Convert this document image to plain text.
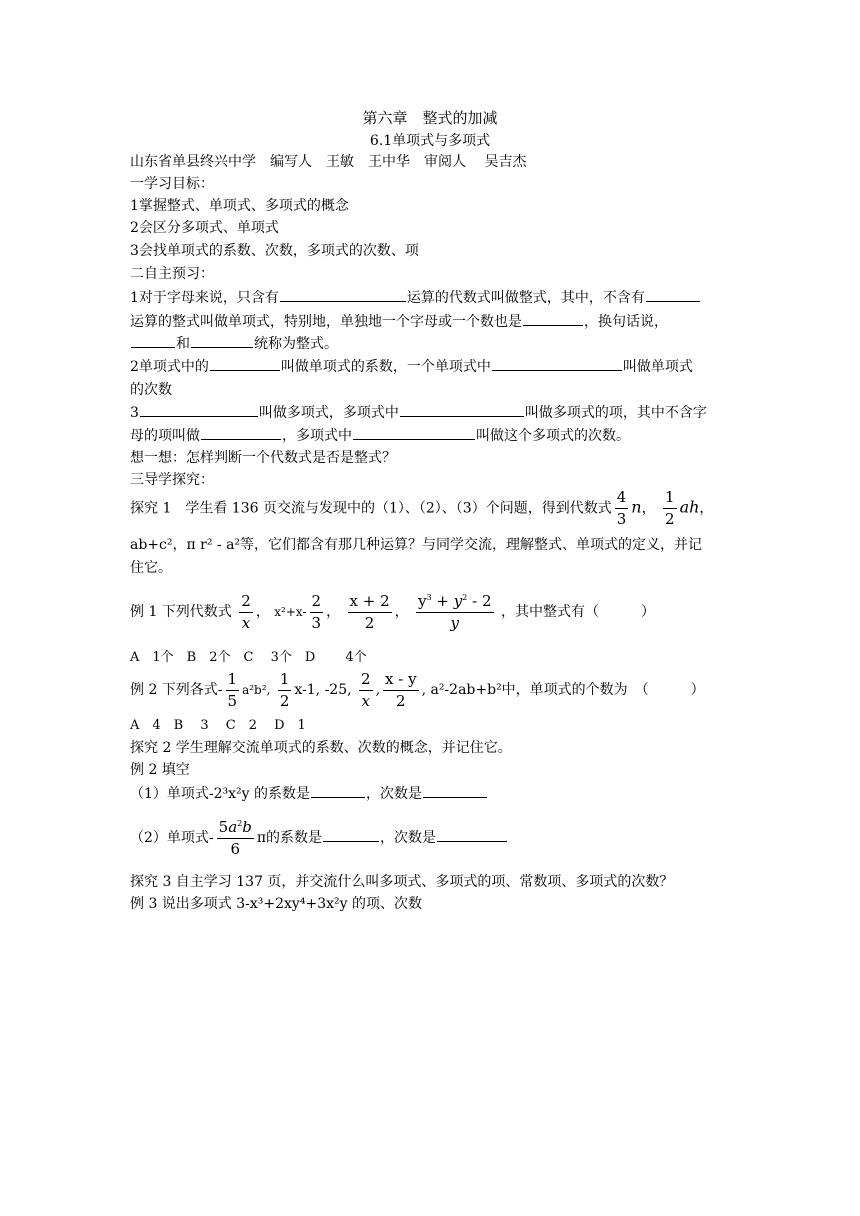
第六章　整式的加减
6.1单项式与多项式
山东省单县终兴中学　编写人　王敏　王中华　审阅人　 吴吉杰
一学习目标：
1掌握整式、单项式、多项式的概念
2会区分多项式、单项式
3会找单项式的系数、次数，多项式的次数、项
二自主预习：
1对于字母来说，只含有	运算的代数式叫做整式，其中，不含有
运算的整式叫做单项式，特别地，单独地一个字母或一个数也是	，换句话说，
和	统称为整式。
2单项式中的	叫做单项式的系数，一个单项式中	叫做单项式
的次数
3	叫做多项式，多项式中	叫做多项式的项，其中不含字
母的项叫做	，多项式中	叫做这个多项式的次数。
想一想：怎样判断一个代数式是否是整式？
三导学探究：
探究 1　学生看 136 页交流与发现中的（1）、（2）、（3）个问题，得到代数式 $\frac{4}{3}$ n， $\frac{1}{2}$ ah，
ab+c²，π r² - a²等，它们都含有那几种运算？与同学交流，理解整式、单项式的定义，并记
住它。
例 1 下列代数式 $\frac{2}{x}$ ， $x^2+x- \frac{2}{3}$ ， $\frac{x + 2}{2}$ ， $\frac{y^3 + y^2 - 2}{y}$ ，其中整式有（　　　）
A　1个　B　2个　C　 3个　D　　 4个
例 2 下列各式- $\frac{1}{5} a^2b^2$, $\frac{1}{2} x-1$, -25, $\frac{2}{x}$ , $\frac{x - y}{2}$ , a²-2ab+b²中，单项式的个数为　（　　　）
A　4　B　 3　 C　2　 D　1
探究 2 学生理解交流单项式的系数、次数的概念，并记住它。
例 2 填空
（1）单项式-2³x²y 的系数是	，次数是
（2）单项式- $\frac{5a^2b}{6}$ π的系数是	，次数是
探究 3 自主学习 137 页，并交流什么叫多项式、多项式的项、常数项、多项式的次数？
例 3 说出多项式 3-x³+2xy⁴+3x²y 的项、次数
